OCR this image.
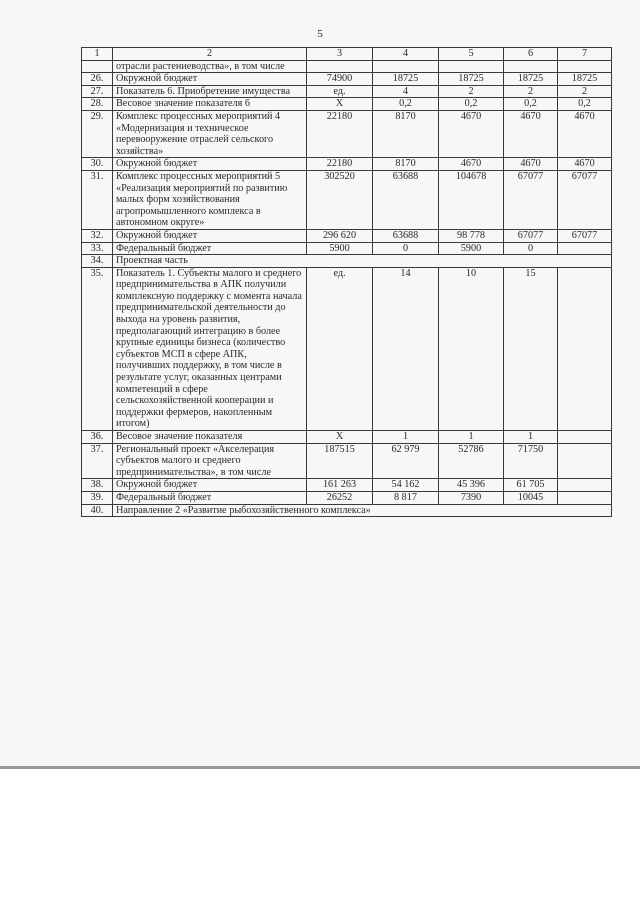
5
1	2	3	4	5	6	7
	отрасли растениеводства», в том числе					
26.	Окружной бюджет	74900	18725	18725	18725	18725
27.	Показатель 6. Приобретение имущества	ед.	4	2	2	2
28.	Весовое значение показателя 6	Х	0,2	0,2	0,2	0,2
29.	Комплекс процессных мероприятий 4 «Модернизация и техническое перевооружение отраслей сельского хозяйства»	22180	8170	4670	4670	4670
30.	Окружной бюджет	22180	8170	4670	4670	4670
31.	Комплекс процессных мероприятий 5 «Реализация мероприятий по развитию малых форм хозяйствования агропромышленного комплекса в автономном округе»	302520	63688	104678	67077	67077
32.	Окружной бюджет	296 620	63688	98 778	67077	67077
33.	Федеральный бюджет	5900	0	5900	0	
34.	Проектная часть					
35.	Показатель 1. Субъекты малого и среднего предпринимательства в АПК получили комплексную поддержку с момента начала предпринимательской деятельности до выхода на уровень развития, предполагающий интеграцию в более крупные единицы бизнеса (количество субъектов МСП в сфере АПК, получивших поддержку, в том числе в результате услуг, оказанных центрами компетенций в сфере сельскохозяйственной кооперации и поддержки фермеров, накопленным итогом)	ед.	14	10	15	
36.	Весовое значение показателя	Х	1	1	1	
37.	Региональный проект «Акселерация субъектов малого и среднего предпринимательства», в том числе	187515	62 979	52786	71750	
38.	Окружной бюджет	161 263	54 162	45 396	61 705	
39.	Федеральный бюджет	26252	8 817	7390	10045	
40.	Направление 2 «Развитие рыбохозяйственного комплекса»					
